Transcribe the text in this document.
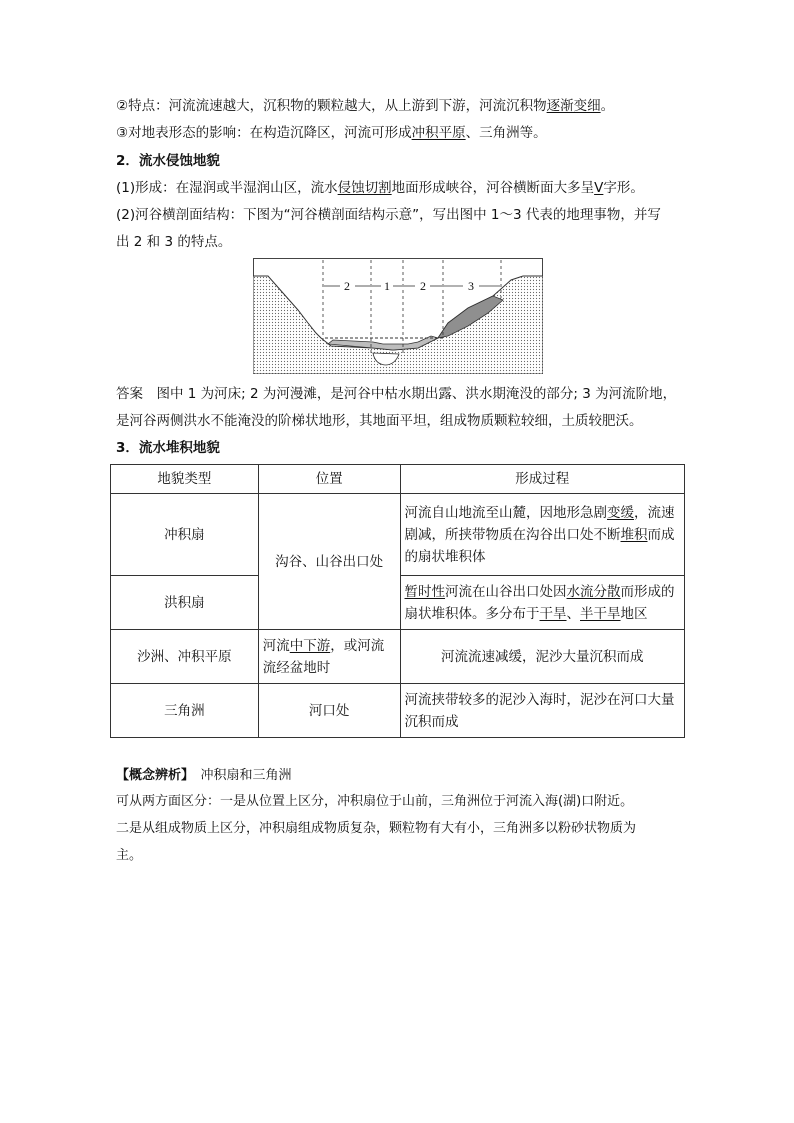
②特点：河流流速越大，沉积物的颗粒越大，从上游到下游，河流沉积物逐渐变细。
③对地表形态的影响：在构造沉降区，河流可形成冲积平原、三角洲等。
2．流水侵蚀地貌
(1)形成：在湿润或半湿润山区，流水侵蚀切割地面形成峡谷，河谷横断面大多呈V字形。
(2)河谷横剖面结构：下图为“河谷横剖面结构示意”，写出图中 1～3 代表的地理事物，并写
出 2 和 3 的特点。
2	1	2	3
答案　图中 1 为河床; 2 为河漫滩，是河谷中枯水期出露、洪水期淹没的部分; 3 为河流阶地，
是河谷两侧洪水不能淹没的阶梯状地形，其地面平坦，组成物质颗粒较细，土质较肥沃。
3．流水堆积地貌
地貌类型	位置	形成过程
冲积扇	沟谷、山谷出口处	河流自山地流至山麓，因地形急剧变缓，流速剧减，所挟带物质在沟谷出口处不断堆积而成的扇状堆积体
洪积扇		暂时性河流在山谷出口处因水流分散而形成的扇状堆积体。多分布于干旱、半干旱地区
沙洲、冲积平原	河流中下游，或河流流经盆地时	河流流速减缓，泥沙大量沉积而成
三角洲	河口处	河流挟带较多的泥沙入海时，泥沙在河口大量沉积而成
【概念辨析】　 冲积扇和三角洲
可从两方面区分：一是从位置上区分，冲积扇位于山前，三角洲位于河流入海(湖)口附近。
二是从组成物质上区分，冲积扇组成物质复杂，颗粒物有大有小，三角洲多以粉砂状物质为
主。
